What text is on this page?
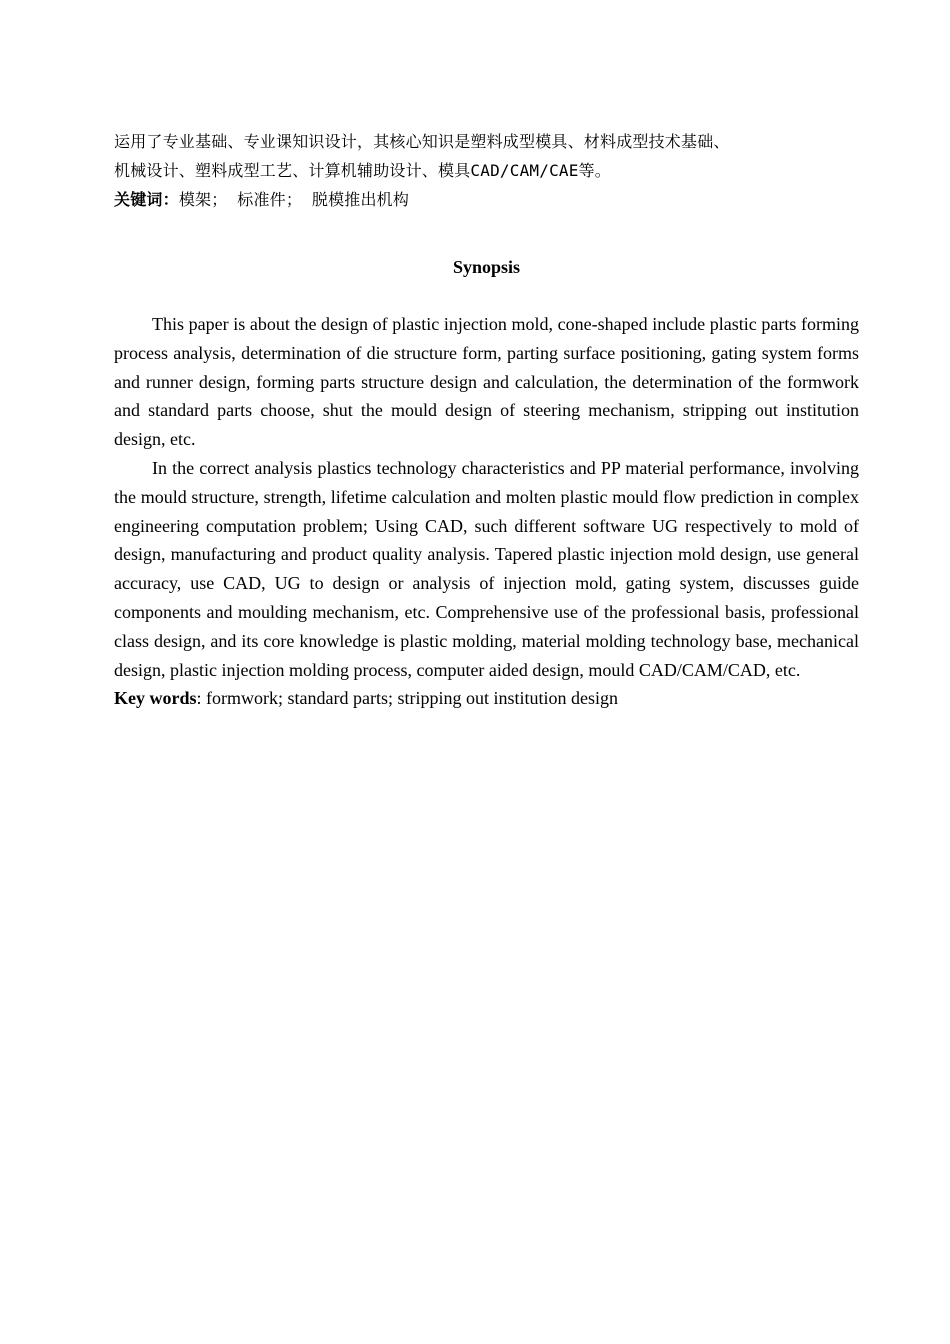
运用了专业基础、专业课知识设计，其核心知识是塑料成型模具、材料成型技术基础、

机械设计、塑料成型工艺、计算机辅助设计、模具CAD/CAM/CAE等。

关键词：模架； 标准件； 脱模推出机构

Synopsis

This paper is about the design of plastic injection mold, cone-shaped include plastic parts forming process analysis, determination of die structure form, parting surface positioning, gating system forms and runner design, forming parts structure design and calculation, the determination of the formwork and standard parts choose, shut the mould design of steering mechanism, stripping out institution design, etc.

In the correct analysis plastics technology characteristics and PP material performance, involving the mould structure, strength, lifetime calculation and molten plastic mould flow prediction in complex engineering computation problem; Using CAD, such different software UG respectively to mold of design, manufacturing and product quality analysis. Tapered plastic injection mold design, use general accuracy, use CAD, UG to design or analysis of injection mold, gating system, discusses guide components and moulding mechanism, etc. Comprehensive use of the professional basis, professional class design, and its core knowledge is plastic molding, material molding technology base, mechanical design, plastic injection molding process, computer aided design, mould CAD/CAM/CAD, etc.

Key words: formwork; standard parts; stripping out institution design
